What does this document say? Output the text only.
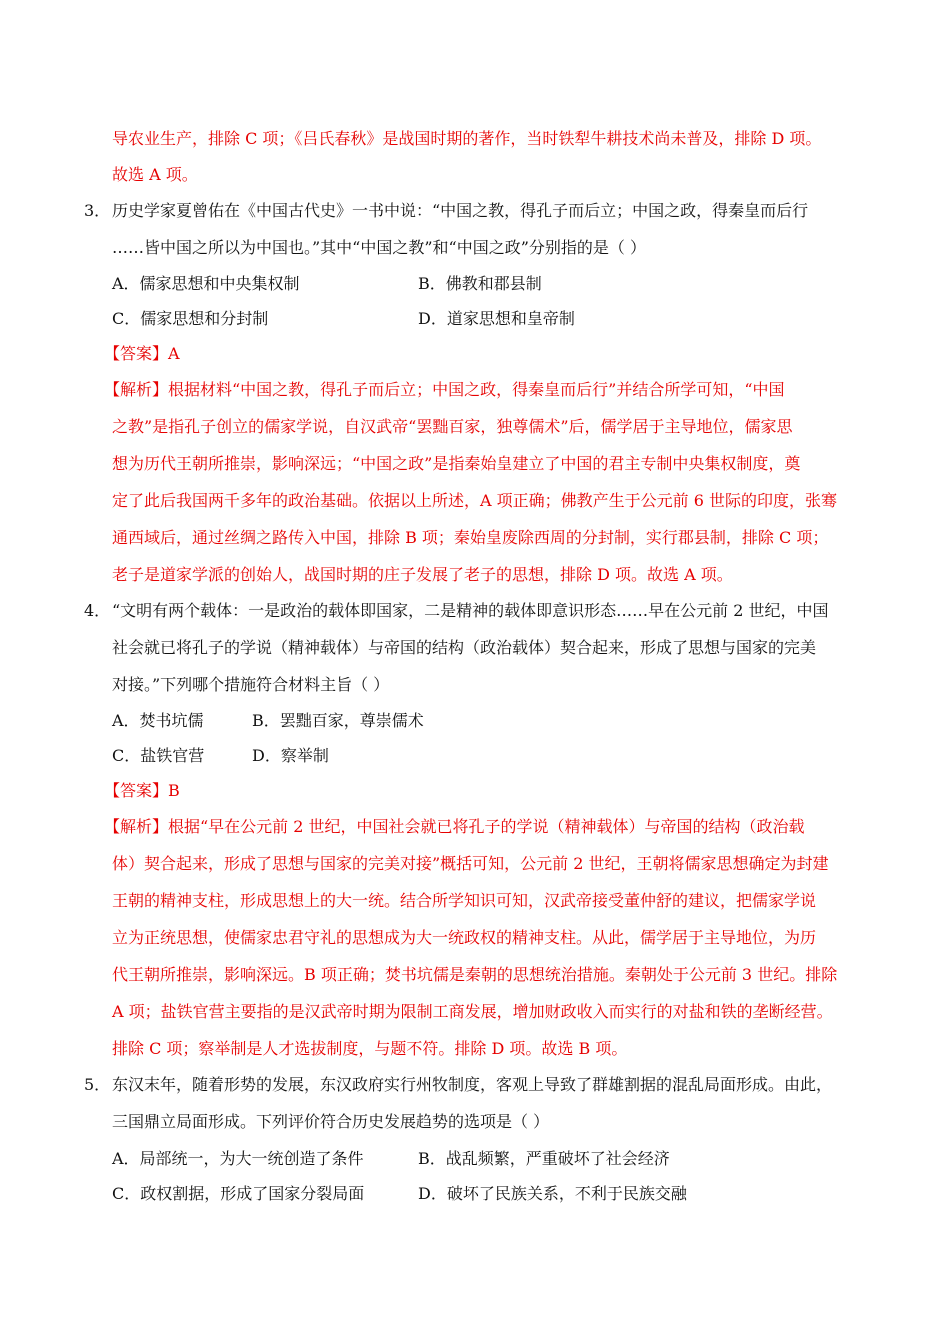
导农业生产，排除 C 项；《吕氏春秋》是战国时期的著作，当时铁犁牛耕技术尚未普及，排除 D 项。
故选 A 项。
3． 历史学家夏曾佑在《中国古代史》一书中说：“中国之教，得孔子而后立；中国之政，得秦皇而后行
……皆中国之所以为中国也。”其中“中国之教”和“中国之政”分别指的是（ ）
A．儒家思想和中央集权制	B．佛教和郡县制
C．儒家思想和分封制	D．道家思想和皇帝制
【答案】A
【解析】根据材料“中国之教，得孔子而后立；中国之政，得秦皇而后行”并结合所学可知，“中国
之教”是指孔子创立的儒家学说，自汉武帝“罢黜百家，独尊儒术”后，儒学居于主导地位，儒家思
想为历代王朝所推崇，影响深远；“中国之政”是指秦始皇建立了中国的君主专制中央集权制度，奠
定了此后我国两千多年的政治基础。依据以上所述，A 项正确；佛教产生于公元前 6 世际的印度，张骞
通西域后，通过丝绸之路传入中国，排除 B 项；秦始皇废除西周的分封制，实行郡县制，排除 C 项；
老子是道家学派的创始人，战国时期的庄子发展了老子的思想，排除 D 项。故选 A 项。
4． “文明有两个载体：一是政治的载体即国家，二是精神的载体即意识形态……早在公元前 2 世纪，中国
社会就已将孔子的学说（精神载体）与帝国的结构（政治载体）契合起来，形成了思想与国家的完美
对接。”下列哪个措施符合材料主旨（ ）
A．焚书坑儒	B．罢黜百家，尊崇儒术
C．盐铁官营	D．察举制
【答案】B
【解析】根据“早在公元前 2 世纪，中国社会就已将孔子的学说（精神载体）与帝国的结构（政治载
体）契合起来，形成了思想与国家的完美对接”概括可知，公元前 2 世纪，王朝将儒家思想确定为封建
王朝的精神支柱，形成思想上的大一统。结合所学知识可知，汉武帝接受董仲舒的建议，把儒家学说
立为正统思想，使儒家忠君守礼的思想成为大一统政权的精神支柱。从此，儒学居于主导地位，为历
代王朝所推崇，影响深远。B 项正确；焚书坑儒是秦朝的思想统治措施。秦朝处于公元前 3 世纪。排除
A 项；盐铁官营主要指的是汉武帝时期为限制工商发展，增加财政收入而实行的对盐和铁的垄断经营。
排除 C 项；察举制是人才选拔制度，与题不符。排除 D 项。故选 B 项。
5． 东汉末年，随着形势的发展，东汉政府实行州牧制度，客观上导致了群雄割据的混乱局面形成。由此，
三国鼎立局面形成。下列评价符合历史发展趋势的选项是（ ）
A．局部统一，为大一统创造了条件	B．战乱频繁，严重破坏了社会经济
C．政权割据，形成了国家分裂局面	D．破坏了民族关系，不利于民族交融
